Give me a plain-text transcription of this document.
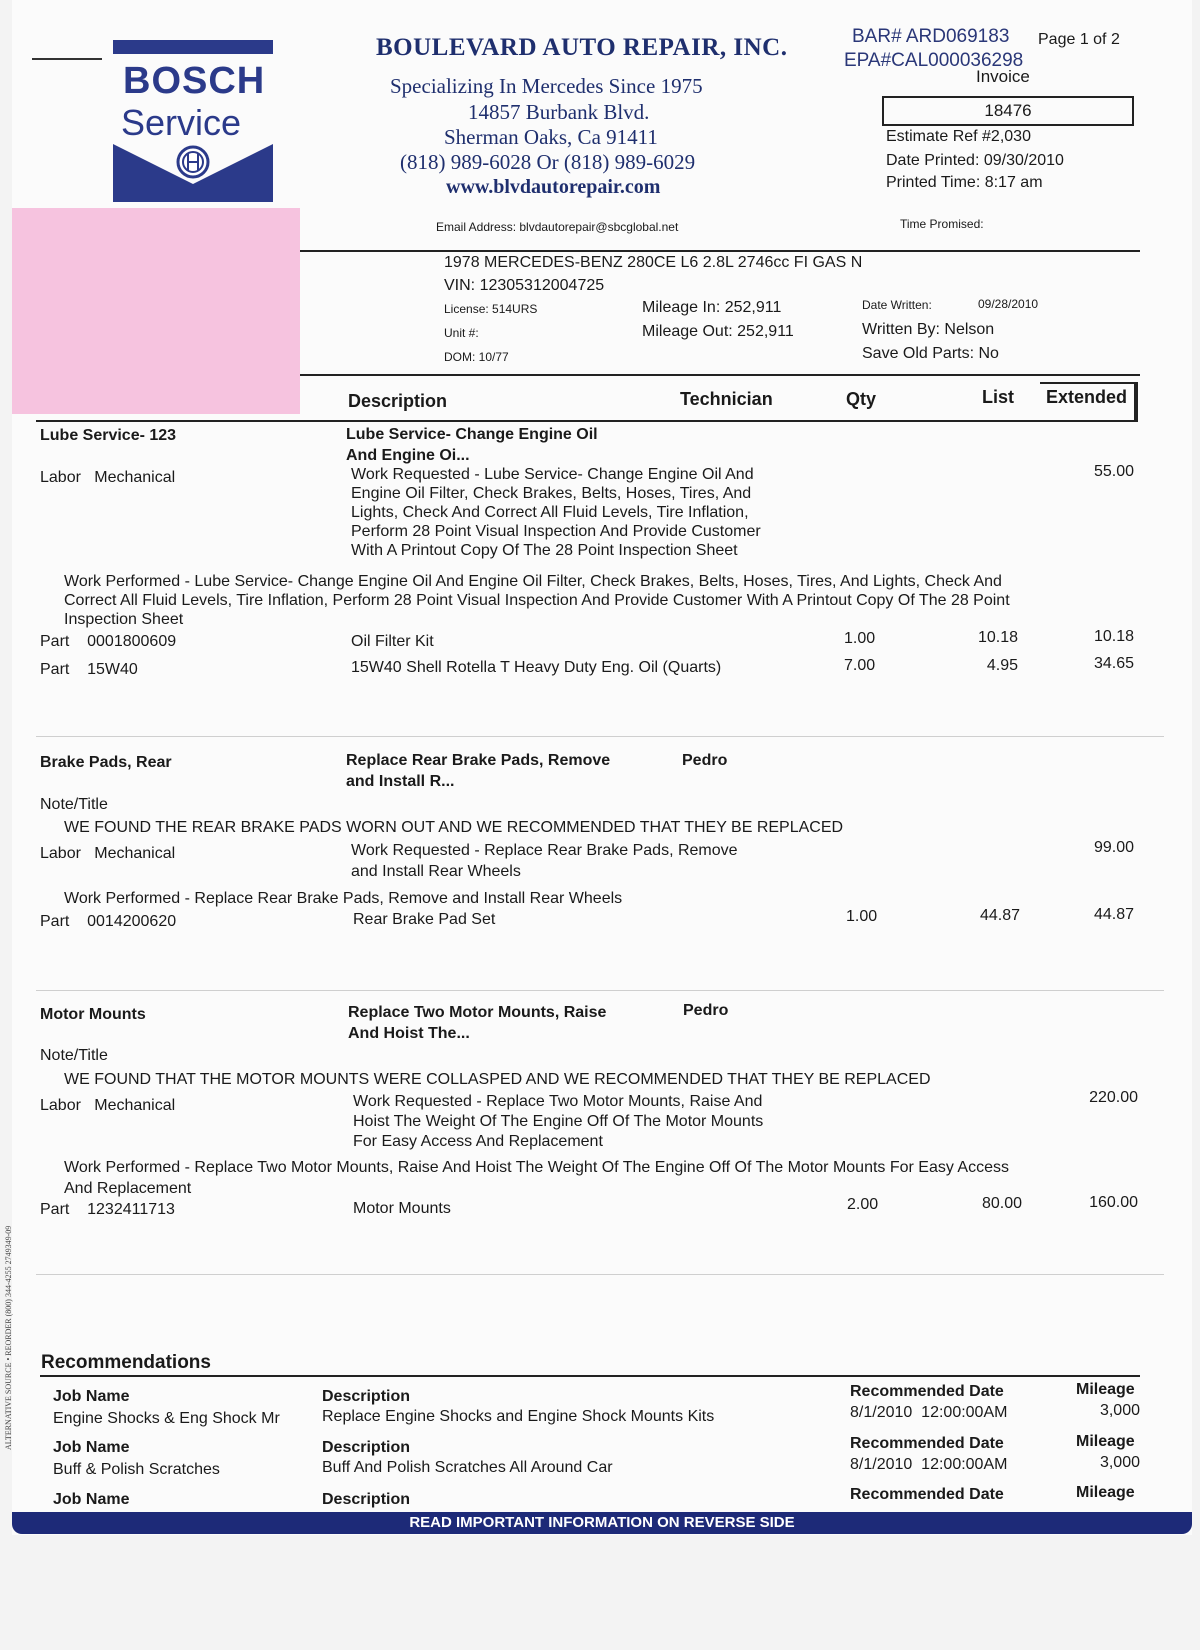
BOSCH
Service
BOULEVARD AUTO REPAIR, INC.
Specializing In Mercedes Since 1975
14857 Burbank Blvd.
Sherman Oaks, Ca 91411
(818) 989-6028 Or (818) 989-6029
www.blvdautorepair.com
Email Address: blvdautorepair@sbcglobal.net
BAR# ARD069183 Page 1 of 2
EPA#CAL000036298
Invoice
18476
Estimate Ref #2,030
Date Printed: 09/30/2010
Printed Time: 8:17 am
Time Promised:
1978 MERCEDES-BENZ 280CE L6 2.8L 2746cc FI GAS N
VIN: 12305312004725
License: 514URS
Unit #:
DOM: 10/77
Mileage In: 252,911
Mileage Out: 252,911
Date Written:	09/28/2010
Written By: Nelson
Save Old Parts: No
Description	Technician	Qty	List Extended
Lube Service- 123	Lube Service- Change Engine Oil
And Engine Oi...
Labor   Mechanical	Work Requested - Lube Service- Change Engine Oil And
Engine Oil Filter, Check Brakes, Belts, Hoses, Tires, And
Lights, Check And Correct All Fluid Levels, Tire Inflation,
Perform 28 Point Visual Inspection And Provide Customer
With A Printout Copy Of The 28 Point Inspection Sheet
55.00
Work Performed - Lube Service- Change Engine Oil And Engine Oil Filter, Check Brakes, Belts, Hoses, Tires, And Lights, Check And
Correct All Fluid Levels, Tire Inflation, Perform 28 Point Visual Inspection And Provide Customer With A Printout Copy Of The 28 Point
Inspection Sheet
Part    0001800609	Oil Filter Kit	1.00	10.18	10.18
Part    15W40	15W40 Shell Rotella T Heavy Duty Eng. Oil (Quarts)	7.00	4.95	34.65
Brake Pads, Rear	Replace Rear Brake Pads, Remove
and Install R...
Pedro
Note/Title
WE FOUND THE REAR BRAKE PADS WORN OUT AND WE RECOMMENDED THAT THEY BE REPLACED
Labor   Mechanical	Work Requested - Replace Rear Brake Pads, Remove
and Install Rear Wheels
99.00
Work Performed - Replace Rear Brake Pads, Remove and Install Rear Wheels
Part    0014200620	Rear Brake Pad Set	1.00	44.87	44.87
Motor Mounts	Replace Two Motor Mounts, Raise
And Hoist The...
Pedro
Note/Title
WE FOUND THAT THE MOTOR MOUNTS WERE COLLASPED AND WE RECOMMENDED THAT THEY BE REPLACED
Labor   Mechanical	Work Requested - Replace Two Motor Mounts, Raise And
Hoist The Weight Of The Engine Off Of The Motor Mounts
For Easy Access And Replacement
220.00
Work Performed - Replace Two Motor Mounts, Raise And Hoist The Weight Of The Engine Off Of The Motor Mounts For Easy Access
And Replacement
Part    1232411713	Motor Mounts	2.00	80.00	160.00
Recommendations
Job Name	Description	Recommended Date	Mileage
Engine Shocks & Eng Shock Mr	Replace Engine Shocks and Engine Shock Mounts Kits	8/1/2010  12:00:00AM	3,000
Job Name	Description	Recommended Date	Mileage
Buff & Polish Scratches	Buff And Polish Scratches All Around Car	8/1/2010  12:00:00AM	3,000
Job Name	Description	Recommended Date	Mileage
READ IMPORTANT INFORMATION ON REVERSE SIDE
ALTERNATIVE SOURCE • REORDER (800) 344-4255 2749349-09
